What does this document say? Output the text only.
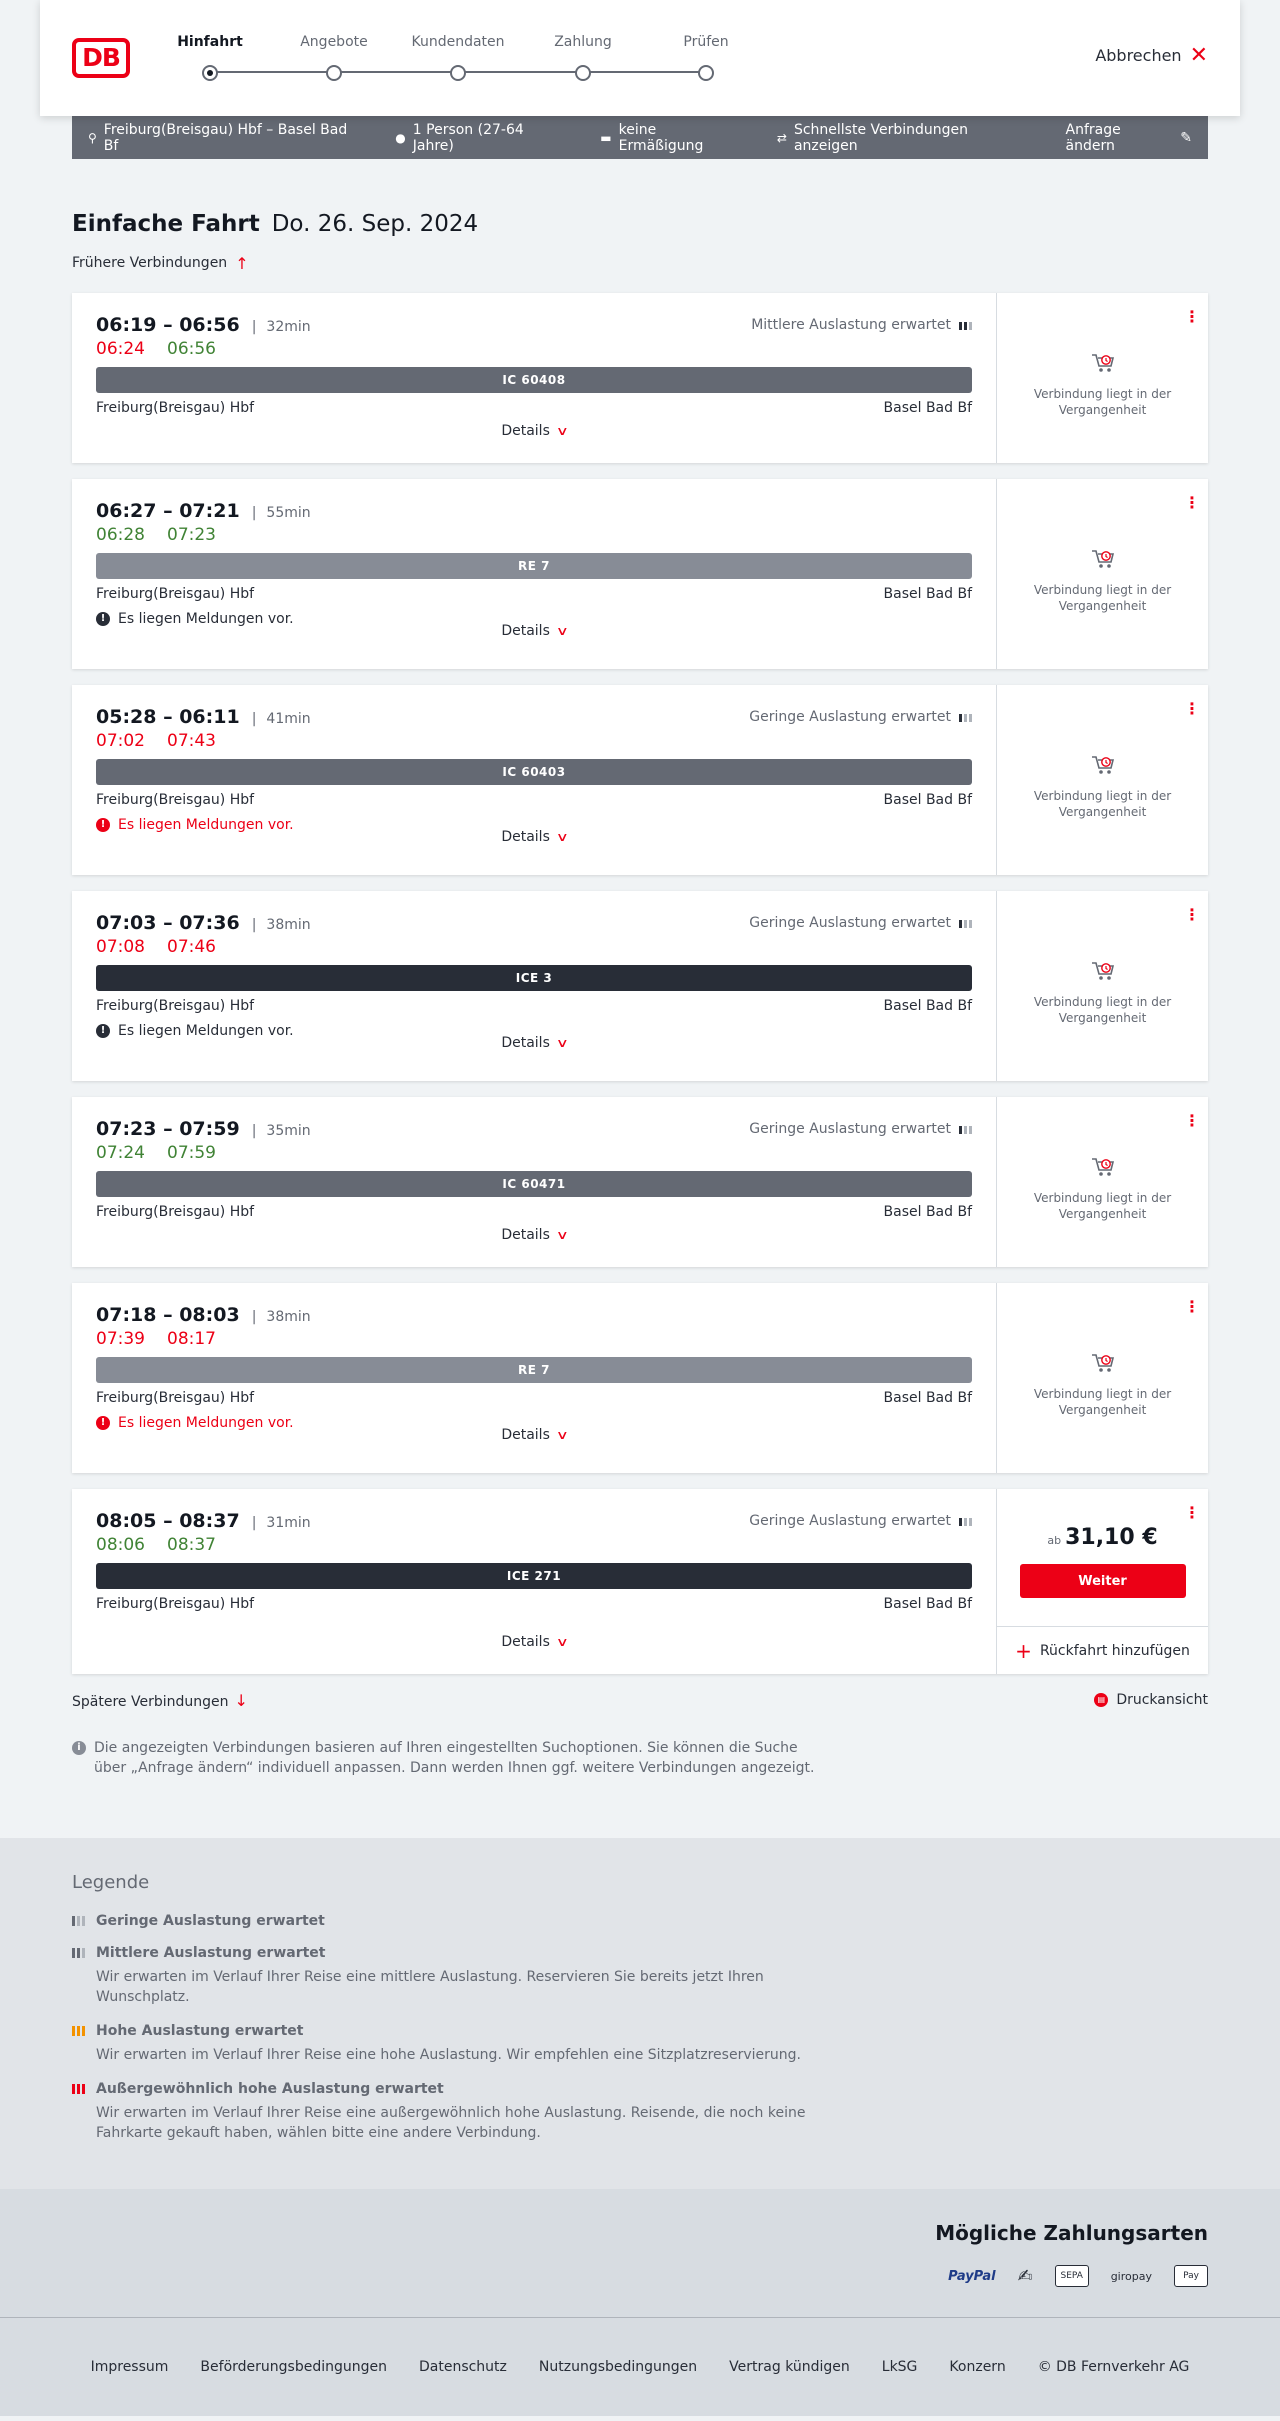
DB
Hinfahrt	Angebote	Kundendaten	Zahlung	Prüfen
Abbrechen ✕
⚲ Freiburg(Breisgau) Hbf – Basel Bad Bf	● 1 Person (27-64 Jahre)	▬ keine Ermäßigung	⇄ Schnellste Verbindungen anzeigen
Anfrage ändern	✎
Einfache Fahrt Do. 26. Sep. 2024
Frühere Verbindungen ↑
06:19 – 06:56 | 32min
06:24 06:56
Mittlere Auslastung erwartet
IC 60408
Freiburg(Breisgau) Hbf	Basel Bad Bf
Details ∨
⋮
Verbindung liegt in der Vergangenheit
06:27 – 07:21 | 55min
06:28 07:23
RE 7
Freiburg(Breisgau) Hbf	Basel Bad Bf
! Es liegen Meldungen vor.
Details ∨
⋮
Verbindung liegt in der Vergangenheit
05:28 – 06:11 | 41min
07:02 07:43
Geringe Auslastung erwartet
IC 60403
Freiburg(Breisgau) Hbf	Basel Bad Bf
! Es liegen Meldungen vor.
Details ∨
⋮
Verbindung liegt in der Vergangenheit
07:03 – 07:36 | 38min
07:08 07:46
Geringe Auslastung erwartet
ICE 3
Freiburg(Breisgau) Hbf	Basel Bad Bf
! Es liegen Meldungen vor.
Details ∨
⋮
Verbindung liegt in der Vergangenheit
07:23 – 07:59 | 35min
07:24 07:59
Geringe Auslastung erwartet
IC 60471
Freiburg(Breisgau) Hbf	Basel Bad Bf
Details ∨
⋮
Verbindung liegt in der Vergangenheit
07:18 – 08:03 | 38min
07:39 08:17
RE 7
Freiburg(Breisgau) Hbf	Basel Bad Bf
! Es liegen Meldungen vor.
Details ∨
⋮
Verbindung liegt in der Vergangenheit
08:05 – 08:37 | 31min
08:06 08:37
Geringe Auslastung erwartet
ICE 271
Freiburg(Breisgau) Hbf	Basel Bad Bf
Details ∨
⋮
ab 31,10 €
Weiter
+ Rückfahrt hinzufügen
Spätere Verbindungen ↓	▤ Druckansicht
i Die angezeigten Verbindungen basieren auf Ihren eingestellten Suchoptionen. Sie können die Suche über „Anfrage ändern“ individuell anpassen. Dann werden Ihnen ggf. weitere Verbindungen angezeigt.
Legende
Geringe Auslastung erwartet
Mittlere Auslastung erwartet
Wir erwarten im Verlauf Ihrer Reise eine mittlere Auslastung. Reservieren Sie bereits jetzt Ihren Wunschplatz.
Hohe Auslastung erwartet
Wir erwarten im Verlauf Ihrer Reise eine hohe Auslastung. Wir empfehlen eine Sitzplatzreservierung.
Außergewöhnlich hohe Auslastung erwartet
Wir erwarten im Verlauf Ihrer Reise eine außergewöhnlich hohe Auslastung. Reisende, die noch keine Fahrkarte gekauft haben, wählen bitte eine andere Verbindung.
Mögliche Zahlungsarten
PayPal ✍	SEPA	giropay	Pay
Impressum Beförderungsbedingungen Datenschutz Nutzungsbedingungen Vertrag kündigen LkSG Konzern © DB Fernverkehr AG
